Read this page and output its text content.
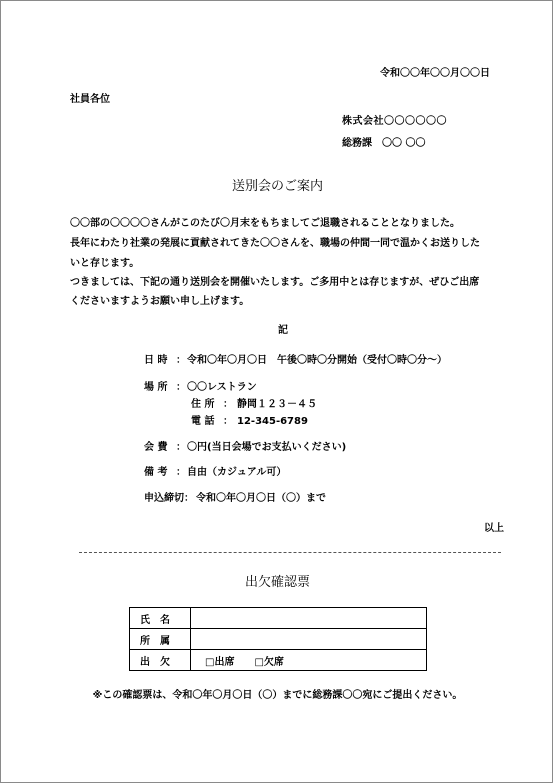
令和〇〇年〇〇月〇〇日
社員各位
株式会社〇〇〇〇〇〇
総務課　〇〇 〇〇
送別会のご案内
〇〇部の〇〇〇〇さんがこのたび〇月末をもちましてご退職されることとなりました。
長年にわたり社業の発展に貢献されてきた〇〇さんを、職場の仲間一同で温かくお送りした
いと存じます。
つきましては、下記の通り送別会を開催いたします。ご多用中とは存じますが、ぜひご出席
くださいますようお願い申し上げます。
記
日 時 ： 令和〇年〇月〇日　午後〇時〇分開始（受付〇時〇分～）
場 所 ： 〇〇レストラン
住 所 ： 静岡１２３－４５
電 話 ： 12-345-6789
会 費 ： 〇円(当日会場でお支払いください)
備 考 ： 自由（カジュアル可）
申込締切： 令和〇年〇月〇日（〇）まで
以上
出欠確認票
氏名	
所属	
出欠	□出席　　□欠席
※この確認票は、令和〇年〇月〇日（〇）までに総務課〇〇宛にご提出ください。
